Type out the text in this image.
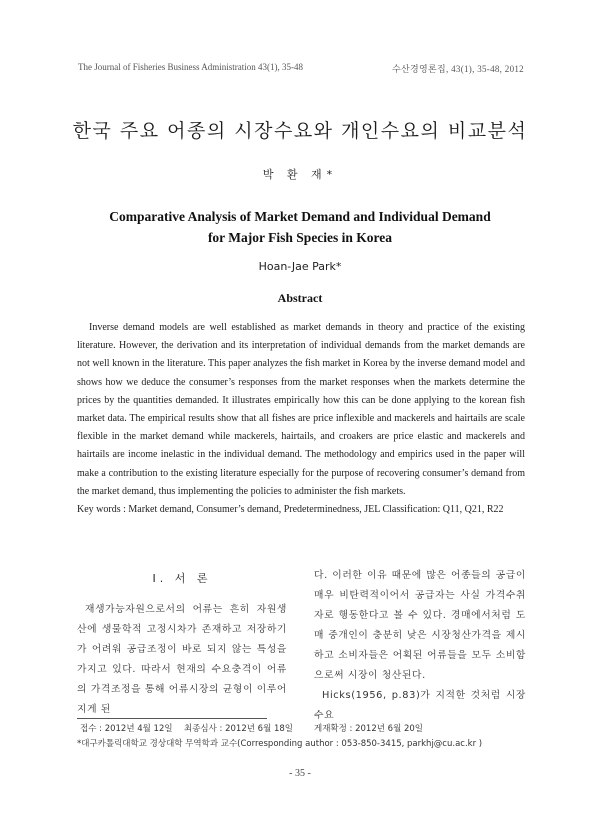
The Journal of Fisheries Business Administration 43(1), 35-48	수산경영론집, 43(1), 35-48, 2012
한국 주요 어종의 시장수요와 개인수요의 비교분석
박 환 재*
Comparative Analysis of Market Demand and Individual Demand
for Major Fish Species in Korea
Hoan-Jae Park*
Abstract
Inverse demand models are well established as market demands in theory and practice of the existing literature. However, the derivation and its interpretation of individual demands from the market demands are not well known in the literature. This paper analyzes the fish market in Korea by the inverse demand model and shows how we deduce the consumer’s responses from the market responses when the markets determine the prices by the quantities demanded. It illustrates empirically how this can be done applying to the korean fish market data. The empirical results show that all fishes are price inflexible and mackerels and hairtails are scale flexible in the market demand while mackerels, hairtails, and croakers are price elastic and mackerels and hairtails are income inelastic in the individual demand. The methodology and empirics used in the paper will make a contribution to the existing literature especially for the purpose of recovering consumer’s demand from the market demand, thus implementing the policies to administer the fish markets.
Key words : Market demand, Consumer’s demand, Predeterminedness, JEL Classification: Q11, Q21, R22
Ⅰ. 서 론

재생가능자원으로서의 어류는 흔히 자원생산에 생물학적 고정시차가 존재하고 저장하기가 어려워 공급조정이 바로 되지 않는 특성을 가지고 있다. 따라서 현재의 수요충격이 어류의 가격조정을 통해 어류시장의 균형이 이루어지게 된

다. 이러한 이유 때문에 많은 어종들의 공급이 매우 비탄력적이어서 공급자는 사실 가격수취자로 행동한다고 볼 수 있다. 경매에서처럼 도매 중개인이 충분히 낮은 시장청산가격을 제시하고 소비자들은 어획된 어류들을 모두 소비함으로써 시장이 청산된다.

Hicks(1956, p.83)가 지적한 것처럼 시장수요

접수 : 2012년 4월 12일	최종심사 : 2012년 6월 18일	게재확정 : 2012년 6월 20일
*대구카톨릭대학교 경상대학 무역학과 교수(Corresponding author : 053-850-3415, parkhj@cu.ac.kr )
- 35 -
